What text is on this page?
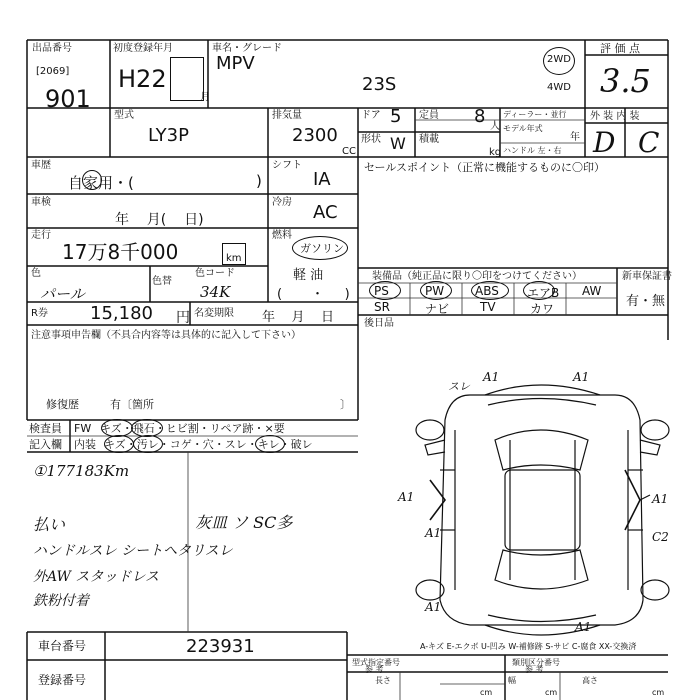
出品番号
[2069]
901
初度登録年月
H22
月
車名・グレード
MPV
23S
2WD
4WD
評 価 点
3.5
型式
LY3P
排気量
2300
CC
ドア 5 定員 8 人
形状 W 積載
kg
ディーラー・並行
モデル年式
年
ハンドル 左・右
外 装 内 装
D C
車歴
自家用・(	)
シフト
IA
車検
年    月(    日)
冷房 AC
走行
17万8千000	km
燃料
ガソリン
軽 油
(       ・     )
色
パール
色替
色コード
34K
R券 15,180 円 名変期限 年    月    日
セールスポイント（正常に機能するものに〇印）
装備品（純正品に限り〇印をつけてください）	新車保証書
有・無
PS	PW	ABS エアB AW
SR	ナビ	TV	カワ
後日品
注意事項申告欄（不具合内容等は具体的に記入して下さい）
修復歴	有〔箇所	〕
検査員 FW キズ・飛石・ヒビ割・リペア跡・×要
記入欄 内装 キズ・汚レ・コゲ・穴・スレ・キレ・破レ
①177183Km
灰皿 ソ SC多
払い
ハンドルスレ シートヘタリスレ
外AW スタッドレス
鉄粉付着
スレ
A1	A1
A1
A1
A1
A1
C2
A1
A-キズ E-エクボ U-凹み W-補修跡 S-サビ C-腐食 XX-交換済
車台番号	223931
登録番号
型式指定番号
参 考
類別区分番号
参 考
長さ
cm
幅
cm
高さ
cm
